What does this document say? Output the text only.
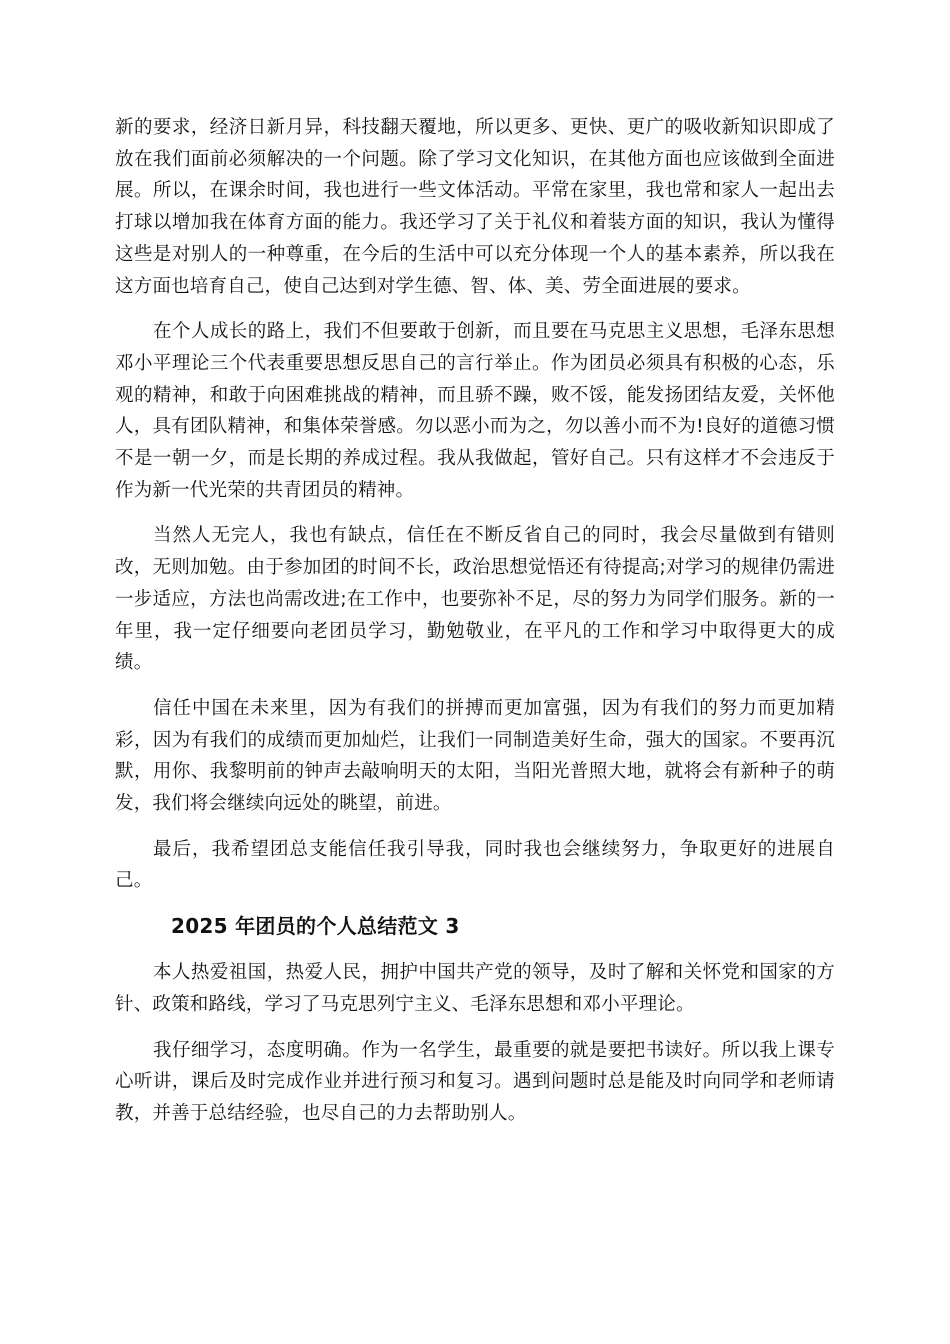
新的要求，经济日新月异，科技翻天覆地，所以更多、更快、更广的吸收新知识即成了放在我们面前必须解决的一个问题。除了学习文化知识，在其他方面也应该做到全面进展。所以，在课余时间，我也进行一些文体活动。平常在家里，我也常和家人一起出去打球以增加我在体育方面的能力。我还学习了关于礼仪和着装方面的知识，我认为懂得这些是对别人的一种尊重，在今后的生活中可以充分体现一个人的基本素养，所以我在这方面也培育自己，使自己达到对学生德、智、体、美、劳全面进展的要求。

在个人成长的路上，我们不但要敢于创新，而且要在马克思主义思想，毛泽东思想邓小平理论三个代表重要思想反思自己的言行举止。作为团员必须具有积极的心态，乐观的精神，和敢于向困难挑战的精神，而且骄不躁，败不馁，能发扬团结友爱，关怀他人，具有团队精神，和集体荣誉感。勿以恶小而为之，勿以善小而不为!良好的道德习惯不是一朝一夕，而是长期的养成过程。我从我做起，管好自己。只有这样才不会违反于作为新一代光荣的共青团员的精神。

当然人无完人，我也有缺点，信任在不断反省自己的同时，我会尽量做到有错则改，无则加勉。由于参加团的时间不长，政治思想觉悟还有待提高;对学习的规律仍需进一步适应，方法也尚需改进;在工作中，也要弥补不足，尽的努力为同学们服务。新的一年里，我一定仔细要向老团员学习，勤勉敬业，在平凡的工作和学习中取得更大的成绩。

信任中国在未来里，因为有我们的拼搏而更加富强，因为有我们的努力而更加精彩，因为有我们的成绩而更加灿烂，让我们一同制造美好生命，强大的国家。不要再沉默，用你、我黎明前的钟声去敲响明天的太阳，当阳光普照大地，就将会有新种子的萌发，我们将会继续向远处的眺望，前进。

最后，我希望团总支能信任我引导我，同时我也会继续努力，争取更好的进展自己。

2025 年团员的个人总结范文 3

本人热爱祖国，热爱人民，拥护中国共产党的领导，及时了解和关怀党和国家的方针、政策和路线，学习了马克思列宁主义、毛泽东思想和邓小平理论。

我仔细学习，态度明确。作为一名学生，最重要的就是要把书读好。所以我上课专心听讲，课后及时完成作业并进行预习和复习。遇到问题时总是能及时向同学和老师请教，并善于总结经验，也尽自己的力去帮助别人。
